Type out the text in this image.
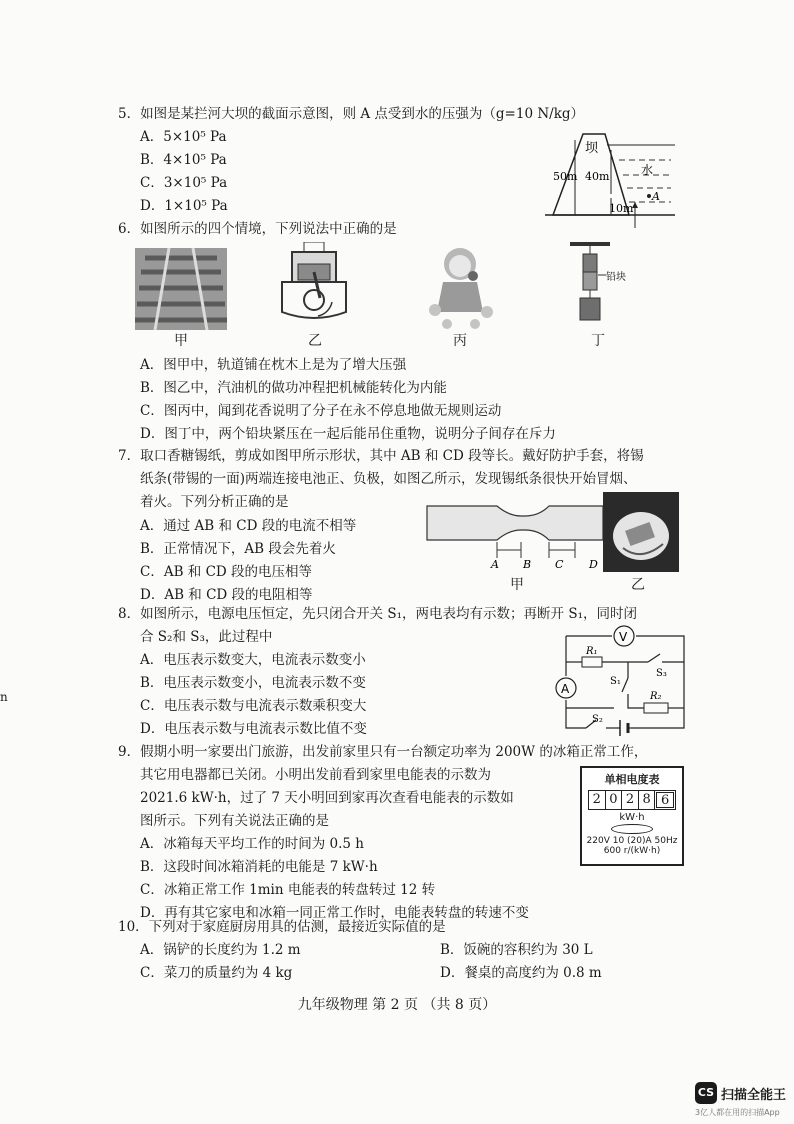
5．如图是某拦河大坝的截面示意图，则 A 点受到水的压强为（g=10 N/kg）
A．5×10⁵ Pa
B．4×10⁵ Pa
C．3×10⁵ Pa
D．1×10⁵ Pa
坝
50m 40m	水
10m
A
6．如图所示的四个情境，下列说法中正确的是
甲	乙	丙
铅块
丁
A．图甲中，轨道铺在枕木上是为了增大压强
B．图乙中，汽油机的做功冲程把机械能转化为内能
C．图丙中，闻到花香说明了分子在永不停息地做无规则运动
D．图丁中，两个铅块紧压在一起后能吊住重物，说明分子间存在斥力
7．取口香糖锡纸，剪成如图甲所示形状，其中 AB 和 CD 段等长。戴好防护手套，将锡
纸条(带锡的一面)两端连接电池正、负极，如图乙所示，发现锡纸条很快开始冒烟、
着火。下列分析正确的是
A．通过 AB 和 CD 段的电流不相等
B．正常情况下，AB 段会先着火
C．AB 和 CD 段的电压相等
D．AB 和 CD 段的电阻相等
A B C D
甲	乙
8．如图所示，电源电压恒定，先只闭合开关 S₁，两电表均有示数；再断开 S₁，同时闭
合 S₂和 S₃，此过程中
A．电压表示数变大，电流表示数变小
B．电压表示数变小，电流表示数不变
C．电压表示数与电流表示数乘积变大
D．电压表示数与电流表示数比值不变
V
A
R₁
R₂
S₃
S₁
S₂
n
9．假期小明一家要出门旅游，出发前家里只有一台额定功率为 200W 的冰箱正常工作，
其它用电器都已关闭。小明出发前看到家里电能表的示数为
2021.6 kW·h，过了 7 天小明回到家再次查看电能表的示数如
图所示。下列有关说法正确的是
A．冰箱每天平均工作的时间为 0.5 h
B．这段时间冰箱消耗的电能是 7 kW·h
C．冰箱正常工作 1min 电能表的转盘转过 12 转
D．再有其它家电和冰箱一同正常工作时，电能表转盘的转速不变
单相电度表
2 0 2 8 6
kW·h
220V 10 (20)A 50Hz
600 r/(kW·h)
10．下列对于家庭厨房用具的估测，最接近实际值的是
A．锅铲的长度约为 1.2 m	B．饭碗的容积约为 30 L
C．菜刀的质量约为 4 kg	D．餐桌的高度约为 0.8 m
九年级物理 第 2 页 （共 8 页）
CS 扫描全能王
3亿人都在用的扫描App
